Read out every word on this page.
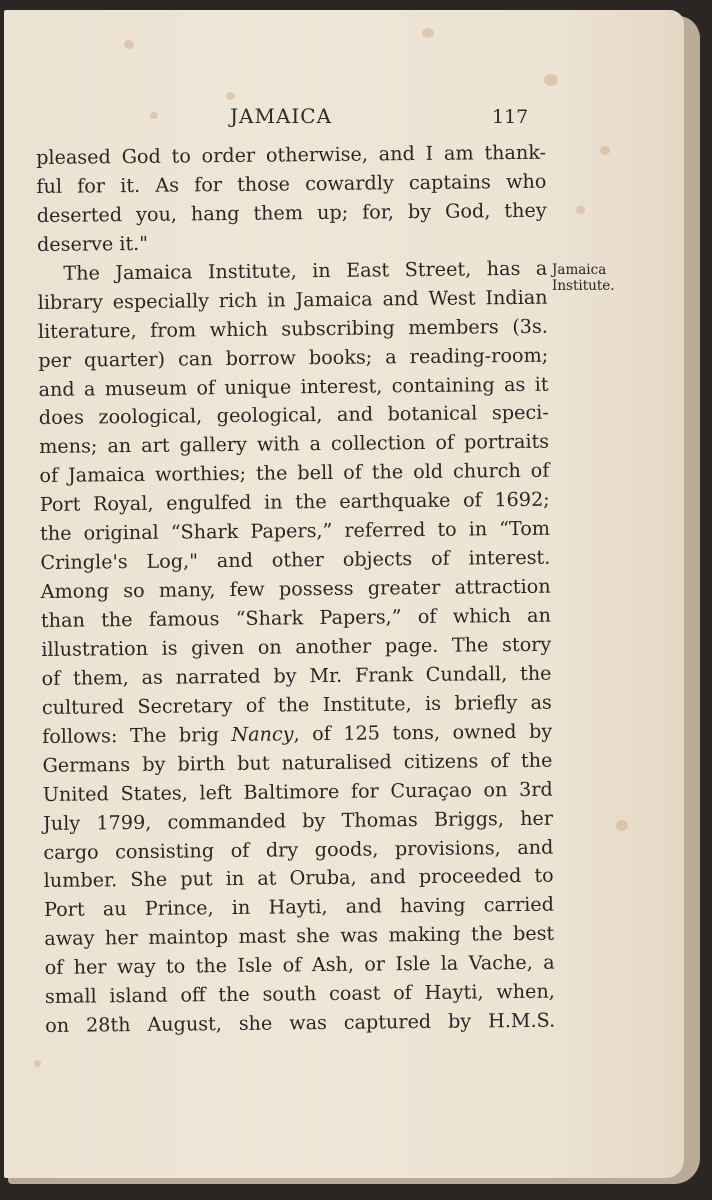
JAMAICA	117
Jamaica
Institute.
pleased God to order otherwise, and I am thank-
ful for it. As for those cowardly captains who
deserted you, hang them up; for, by God, they
deserve it."
The Jamaica Institute, in East Street, has a
library especially rich in Jamaica and West Indian
literature, from which subscribing members (3s.
per quarter) can borrow books; a reading-room;
and a museum of unique interest, containing as it
does zoological, geological, and botanical speci-
mens; an art gallery with a collection of portraits
of Jamaica worthies; the bell of the old church of
Port Royal, engulfed in the earthquake of 1692;
the original “Shark Papers,” referred to in “Tom
Cringle's Log," and other objects of interest.
Among so many, few possess greater attraction
than the famous “Shark Papers,” of which an
illustration is given on another page. The story
of them, as narrated by Mr. Frank Cundall, the
cultured Secretary of the Institute, is briefly as
follows: The brig Nancy, of 125 tons, owned by
Germans by birth but naturalised citizens of the
United States, left Baltimore for Curaçao on 3rd
July 1799, commanded by Thomas Briggs, her
cargo consisting of dry goods, provisions, and
lumber. She put in at Oruba, and proceeded to
Port au Prince, in Hayti, and having carried
away her maintop mast she was making the best
of her way to the Isle of Ash, or Isle la Vache, a
small island off the south coast of Hayti, when,
on 28th August, she was captured by H.M.S.
